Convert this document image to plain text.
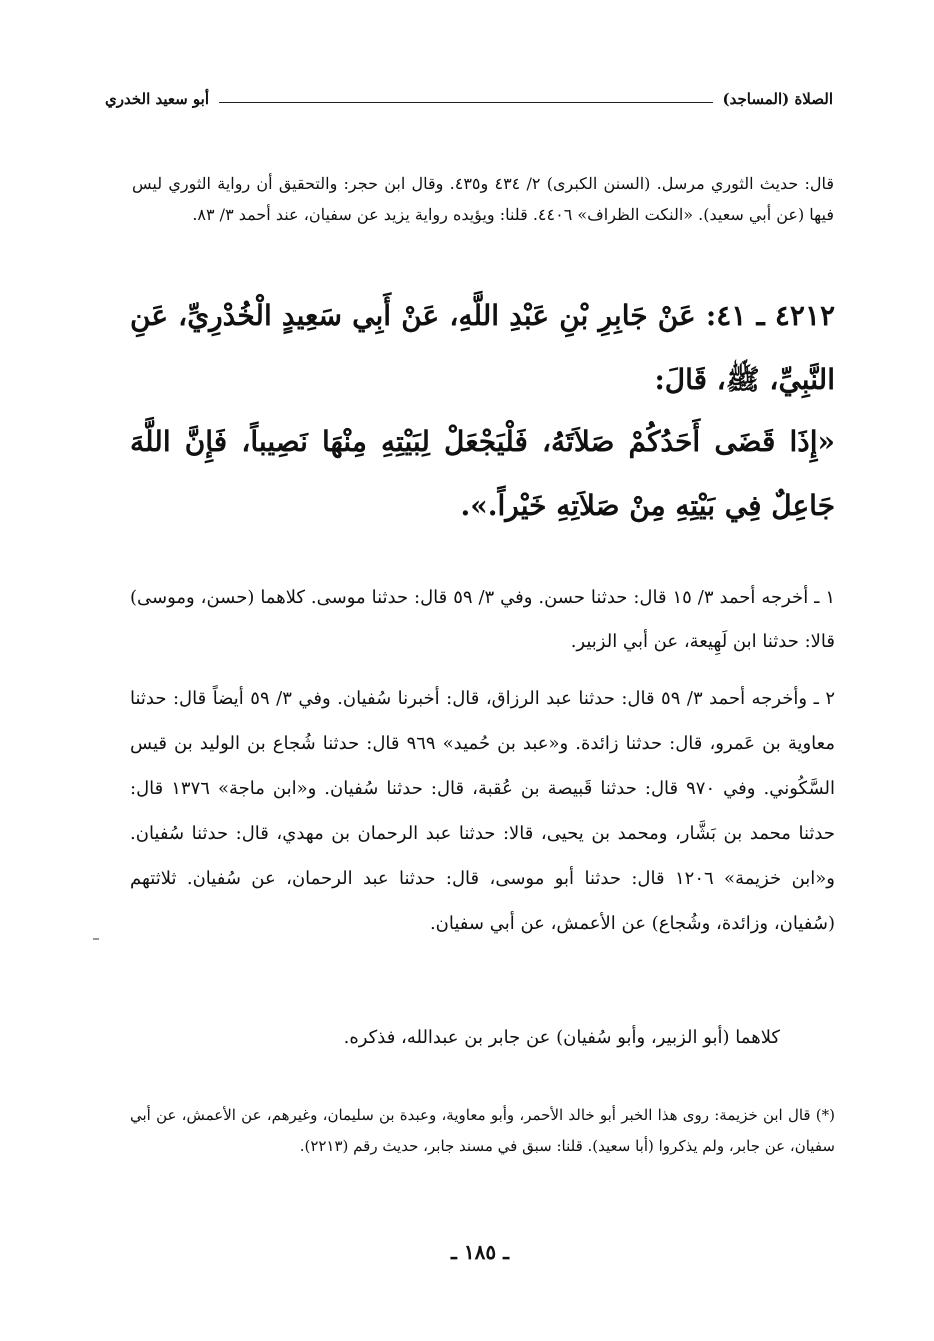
الصلاة (المساجد)
أبو سعيد الخدري
قال: حديث الثوري مرسل. (السنن الكبرى) ٢/ ٤٣٤ و٤٣٥. وقال ابن حجر: والتحقيق أن رواية الثوري ليس فيها (عن أبي سعيد). «النكت الظراف» ٤٤٠٦. قلنا: ويؤيده رواية يزيد عن سفيان، عند أحمد ٣/ ٨٣.
٤٢١٢ ـ ٤١: عَنْ جَابِرِ بْنِ عَبْدِ اللَّهِ، عَنْ أَبِي سَعِيدٍ الْخُدْرِيِّ، عَنِ النَّبِيِّ، ﷺ، قَالَ:
«إِذَا قَضَى أَحَدُكُمْ صَلاَتَهُ، فَلْيَجْعَلْ لِبَيْتِهِ مِنْهَا نَصِيباً، فَإِنَّ اللَّهَ جَاعِلٌ فِي بَيْتِهِ مِنْ صَلاَتِهِ خَيْراً.».
١ ـ أخرجه أحمد ٣/ ١٥ قال: حدثنا حسن. وفي ٣/ ٥٩ قال: حدثنا موسى. كلاهما (حسن، وموسى) قالا: حدثنا ابن لَهِيعة، عن أبي الزبير.
٢ ـ وأخرجه أحمد ٣/ ٥٩ قال: حدثنا عبد الرزاق، قال: أخبرنا سُفيان. وفي ٣/ ٥٩ أيضاً قال: حدثنا معاوية بن عَمرو، قال: حدثنا زائدة. و«عبد بن حُميد» ٩٦٩ قال: حدثنا شُجاع بن الوليد بن قيس السَّكُوني. وفي ٩٧٠ قال: حدثنا قَبيصة بن عُقبة، قال: حدثنا سُفيان. و«ابن ماجة» ١٣٧٦ قال: حدثنا محمد بن بَشَّار، ومحمد بن يحيى، قالا: حدثنا عبد الرحمان بن مهدي، قال: حدثنا سُفيان. و«ابن خزيمة» ١٢٠٦ قال: حدثنا أبو موسى، قال: حدثنا عبد الرحمان، عن سُفيان. ثلاثتهم (سُفيان، وزائدة، وشُجاع) عن الأعمش، عن أبي سفيان.
كلاهما (أبو الزبير، وأبو سُفيان) عن جابر بن عبدالله، فذكره.
(*) قال ابن خزيمة: روى هذا الخبر أبو خالد الأحمر، وأبو معاوية، وعبدة بن سليمان، وغيرهم، عن الأعمش، عن أبي سفيان، عن جابر، ولم يذكروا (أبا سعيد). قلنا: سبق في مسند جابر، حديث رقم (٢٢١٣).
ـ ١٨٥ ـ
